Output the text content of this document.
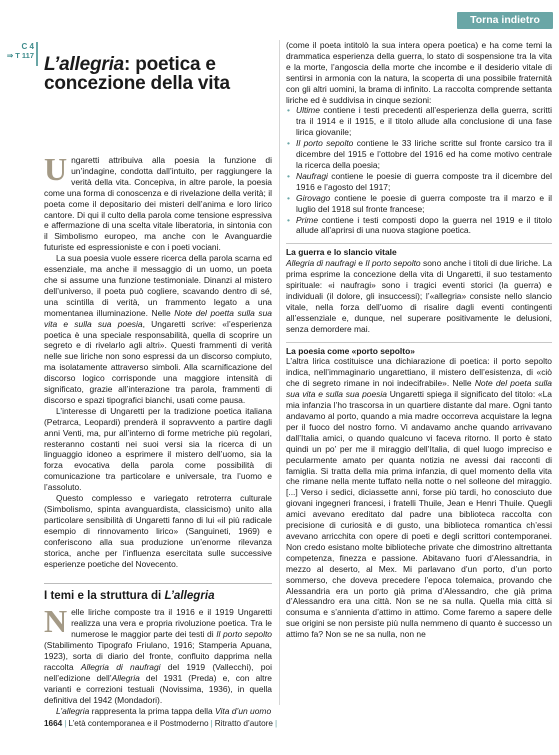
Torna indietro
C 4
⇒ T 117 L’allegria: poetica e concezione della vita

Ungaretti attribuiva alla poesia la funzione di un’indagine, condotta dall’intuito, per raggiungere la verità della vita. Concepiva, in altre parole, la poesia come una forma di conoscenza e di rivelazione della verità; il poeta come il depositario dei misteri dell’anima e loro lirico cantore. Di qui il culto della parola come tensione espressiva e affermazione di una scelta vitale liberatoria, in sintonia con il Simbolismo europeo, ma anche con le Avanguardie futuriste ed espressioniste e con i poeti vociani.

La sua poesia vuole essere ricerca della parola scarna ed essenziale, ma anche il messaggio di un uomo, un poeta che si assume una funzione testimoniale. Dinanzi al mistero dell’universo, il poeta può cogliere, scavando dentro di sé, una scintilla di verità, un frammento legato a una momentanea illuminazione. Nelle Note del poetta sulla sua vita e sulla sua poesia, Ungaretti scrive: «l’esperienza poetica è una speciale responsabilità, quella di scoprire un segreto e di rivelarlo agli altri». Questi frammenti di verità nelle sue liriche non sono espressi da un discorso compiuto, ma isolatamente attraverso simboli. Alla scarnificazione del discorso logico corrisponde una maggiore intensità di significato, grazie all’interazione tra parola, frammenti di discorso e spazi tipografici bianchi, usati come pausa.

L’interesse di Ungaretti per la tradizione poetica italiana (Petrarca, Leopardi) prenderà il sopravvento a partire dagli anni Venti, ma, pur all’interno di forme metriche più regolari, resteranno costanti nei suoi versi sia la ricerca di un linguaggio idoneo a esprimere il mistero dell’uomo, sia la forza evocativa della parola come possibilità di comunicazione tra particolare e universale, tra l’uomo e l’assoluto.

Questo complesso e variegato retroterra culturale (Simbolismo, spinta avanguardista, classicismo) unito alla particolare sensibilità di Ungaretti fanno di lui «il più radicale esempio di rinnovamento lirico» (Sanguineti, 1969) e conferiscono alla sua produzione un’enorme rilevanza storica, anche per l’influenza esercitata sulle successive esperienze poetiche del Novecento.

I temi e la struttura di L’allegria

Nelle liriche composte tra il 1916 e il 1919 Ungaretti realizza una vera e propria rivoluzione poetica. Tra le numerose le maggior parte dei testi di Il porto sepolto (Stabilimento Tipografo Friulano, 1916; Stamperia Apuana, 1923), sorta di diario del fronte, confluito dapprima nella raccolta Allegria di naufragi del 1919 (Vallecchi), poi nell’edizione dell’Allegria del 1931 (Preda) e, con altre varianti e correzioni testuali (Novissima, 1936), in quella definitiva del 1942 (Mondadori).

L’allegria rappresenta la prima tappa della Vita d’un uomo

(come il poeta intitolò la sua intera opera poetica) e ha come temi la drammatica esperienza della guerra, lo stato di sospensione tra la vita e la morte, l’angoscia della morte che incombe e il desiderio vitale di sentirsi in armonia con la natura, la scoperta di una possibile fraternità con gli altri uomini, la brama di infinito. La raccolta comprende settanta liriche ed è suddivisa in cinque sezioni:

• Ultime contiene i testi precedenti all’esperienza della guerra, scritti tra il 1914 e il 1915, e il titolo allude alla conclusione di una fase lirica giovanile;
• Il porto sepolto contiene le 33 liriche scritte sul fronte carsico tra il dicembre del 1915 e l’ottobre del 1916 ed ha come motivo centrale la ricerca della poesia;
• Naufragi contiene le poesie di guerra composte tra il dicembre del 1916 e l’agosto del 1917;
• Girovago contiene le poesie di guerra composte tra il marzo e il luglio del 1918 sul fronte francese;
• Prime contiene i testi composti dopo la guerra nel 1919 e il titolo allude all’aprirsi di una nuova stagione poetica.
La guerra e lo slancio vitale

Allegria di naufragi e Il porto sepolto sono anche i titoli di due liriche. La prima esprime la concezione della vita di Ungaretti, il suo testamento spirituale: «i naufragi» sono i tragici eventi storici (la guerra) e individuali (il dolore, gli insuccessi); l’«allegria» consiste nello slancio vitale, nella forza dell’uomo di risalire dagli eventi contingenti all’essenziale e, dunque, nel superare positivamente le delusioni, senza demordere mai.

La poesia come «porto sepolto»

L’altra lirica costituisce una dichiarazione di poetica: il porto sepolto indica, nell’immaginario ungarettiano, il mistero dell’esistenza, di «ciò che di segreto rimane in noi indecifrabile». Nelle Note del poeta sulla sua vita e sulla sua poesia Ungaretti spiega il significato del titolo: «La mia infanzia l’ho trascorsa in un quartiere distante dal mare. Ogni tanto andavamo al porto, quando a mia madre occorreva acquistare la legna per il fuoco del nostro forno. Vi andavamo anche quando arrivavano dall’Italia amici, o quando qualcuno vi faceva ritorno. Il porto è stato quindi un po’ per me il miraggio dell’Italia, di quel luogo impreciso e pecularmente amato per quanta notizia ne avessi dai racconti di famiglia. Si tratta della mia prima infanzia, di quel momento della vita che rimane nella mente tuffato nella notte o nel solleone del miraggio. [...] Verso i sedici, diciassette anni, forse più tardi, ho conosciuto due giovani ingegneri francesi, i fratelli Thuile, Jean e Henri Thuile. Quegli amici avevano ereditato dal padre una biblioteca raccolta con precisione di curiosità e di gusto, una biblioteca romantica ch’essi avevano arricchita con opere di poeti e degli scrittori contemporanei. Non credo esistano molte biblioteche private che dimostrino altrettanta competenza, finezza e passione. Abitavano fuori d’Alessandria, in mezzo al deserto, al Mex. Mi parlavano d’un porto, d’un porto sommerso, che doveva precedere l’epoca tolemaica, provando che Alessandria era un porto già prima d’Alessandro, che già prima d’Alessandro era una città. Non se ne sa nulla. Quella mia città si consuma e s’annienta d’attimo in attimo. Come faremo a sapere delle sue origini se non persiste più nulla nemmeno di quanto è successo un attimo fa? Non se ne sa nulla, non ne

1664 | L’età contemporanea e il Postmoderno | Ritratto d’autore |
